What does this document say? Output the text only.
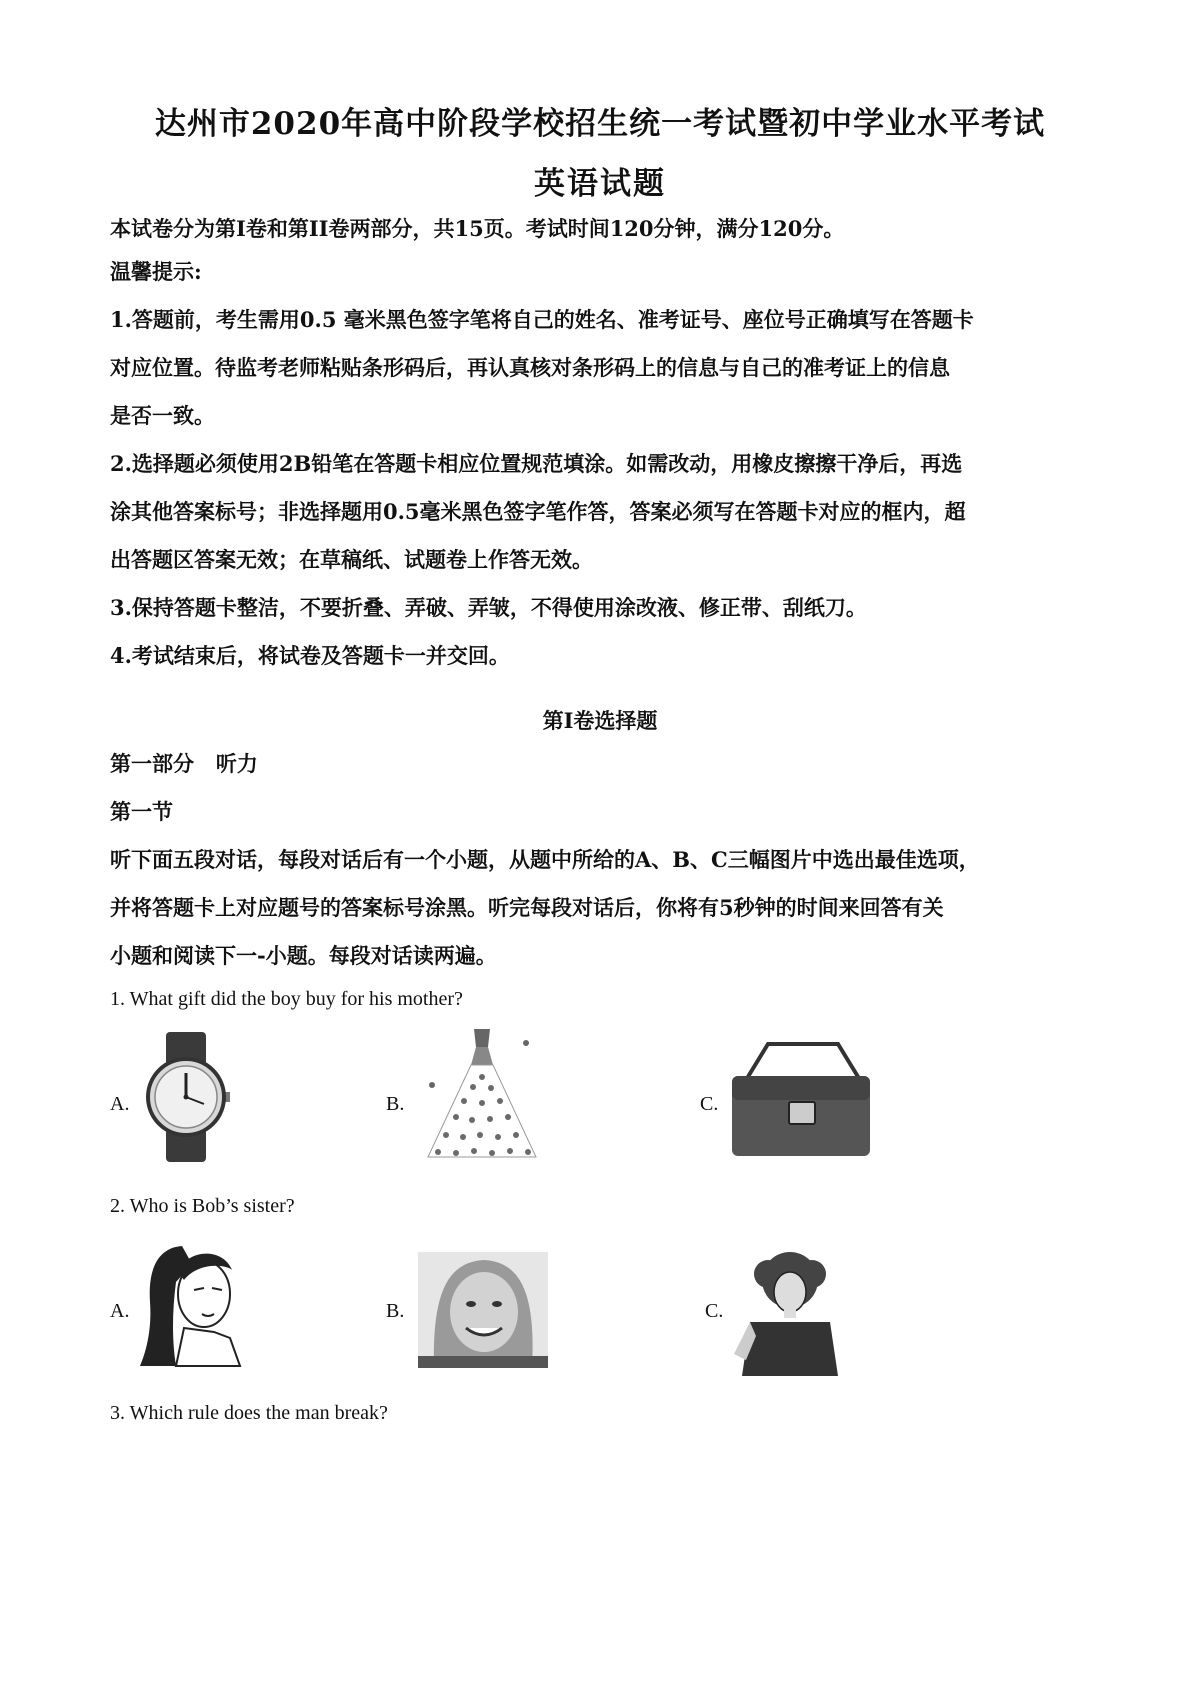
达州市2020年高中阶段学校招生统一考试暨初中学业水平考试
英语试题
本试卷分为第I卷和第II卷两部分，共15页。考试时间120分钟，满分120分。
温馨提示:
1.答题前，考生需用0.5 毫米黑色签字笔将自己的姓名、准考证号、座位号正确填写在答题卡
对应位置。待监考老师粘贴条形码后，再认真核对条形码上的信息与自己的准考证上的信息
是否一致。
2.选择题必须使用2B铅笔在答题卡相应位置规范填涂。如需改动，用橡皮擦擦干净后，再选
涂其他答案标号；非选择题用0.5毫米黑色签字笔作答，答案必须写在答题卡对应的框内，超
出答题区答案无效；在草稿纸、试题卷上作答无效。
3.保持答题卡整洁，不要折叠、弄破、弄皱，不得使用涂改液、修正带、刮纸刀。
4.考试结束后，将试卷及答题卡一并交回。
第I卷选择题
第一部分   听力
第一节
听下面五段对话，每段对话后有一个小题，从题中所给的A、B、C三幅图片中选出最佳选项，
并将答题卡上对应题号的答案标号涂黑。听完每段对话后，你将有5秒钟的时间来回答有关
小题和阅读下一-小题。每段对话读两遍。
1. What gift did the boy buy for his mother?
A.	B.	C.
2. Who is Bob’s sister?
A.	B.	C.
3. Which rule does the man break?
